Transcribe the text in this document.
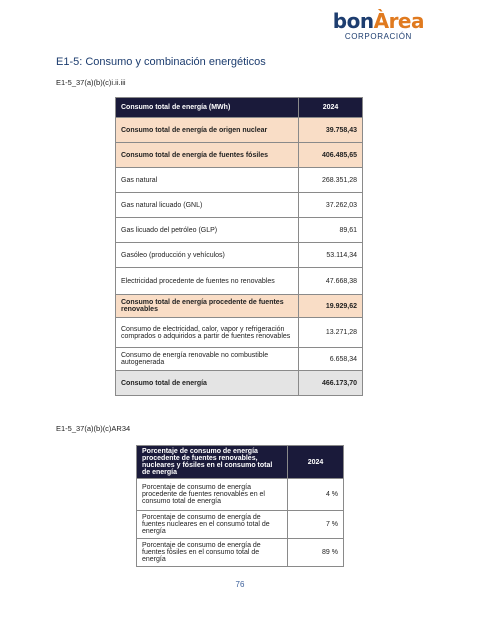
bonÀrea
CORPORACIÓN
E1-5: Consumo y combinación energéticos
E1-5_37(a)(b)(c)i.ii.iii
Consumo total de energía (MWh)	2024
Consumo total de energía de origen nuclear	39.758,43
Consumo total de energía de fuentes fósiles	406.485,65
Gas natural	268.351,28
Gas natural licuado (GNL)	37.262,03
Gas licuado del petróleo (GLP)	89,61
Gasóleo (producción y vehículos)	53.114,34
Electricidad procedente de fuentes no renovables	47.668,38
Consumo total de energía procedente de fuentes renovables	19.929,62
Consumo de electricidad, calor, vapor y refrigeración comprados o adquiridos a partir de fuentes renovables	13.271,28
Consumo de energía renovable no combustible autogenerada	6.658,34
Consumo total de energía	466.173,70
E1-5_37(a)(b)(c)AR34
Porcentaje de consumo de energía procedente de fuentes renovables, nucleares y fósiles en el consumo total de energía	2024
Porcentaje de consumo de energía procedente de fuentes renovables en el consumo total de energía	4 %
Porcentaje de consumo de energía de fuentes nucleares en el consumo total de energía	7 %
Porcentaje de consumo de energía de fuentes fósiles en el consumo total de energía	89 %
76
